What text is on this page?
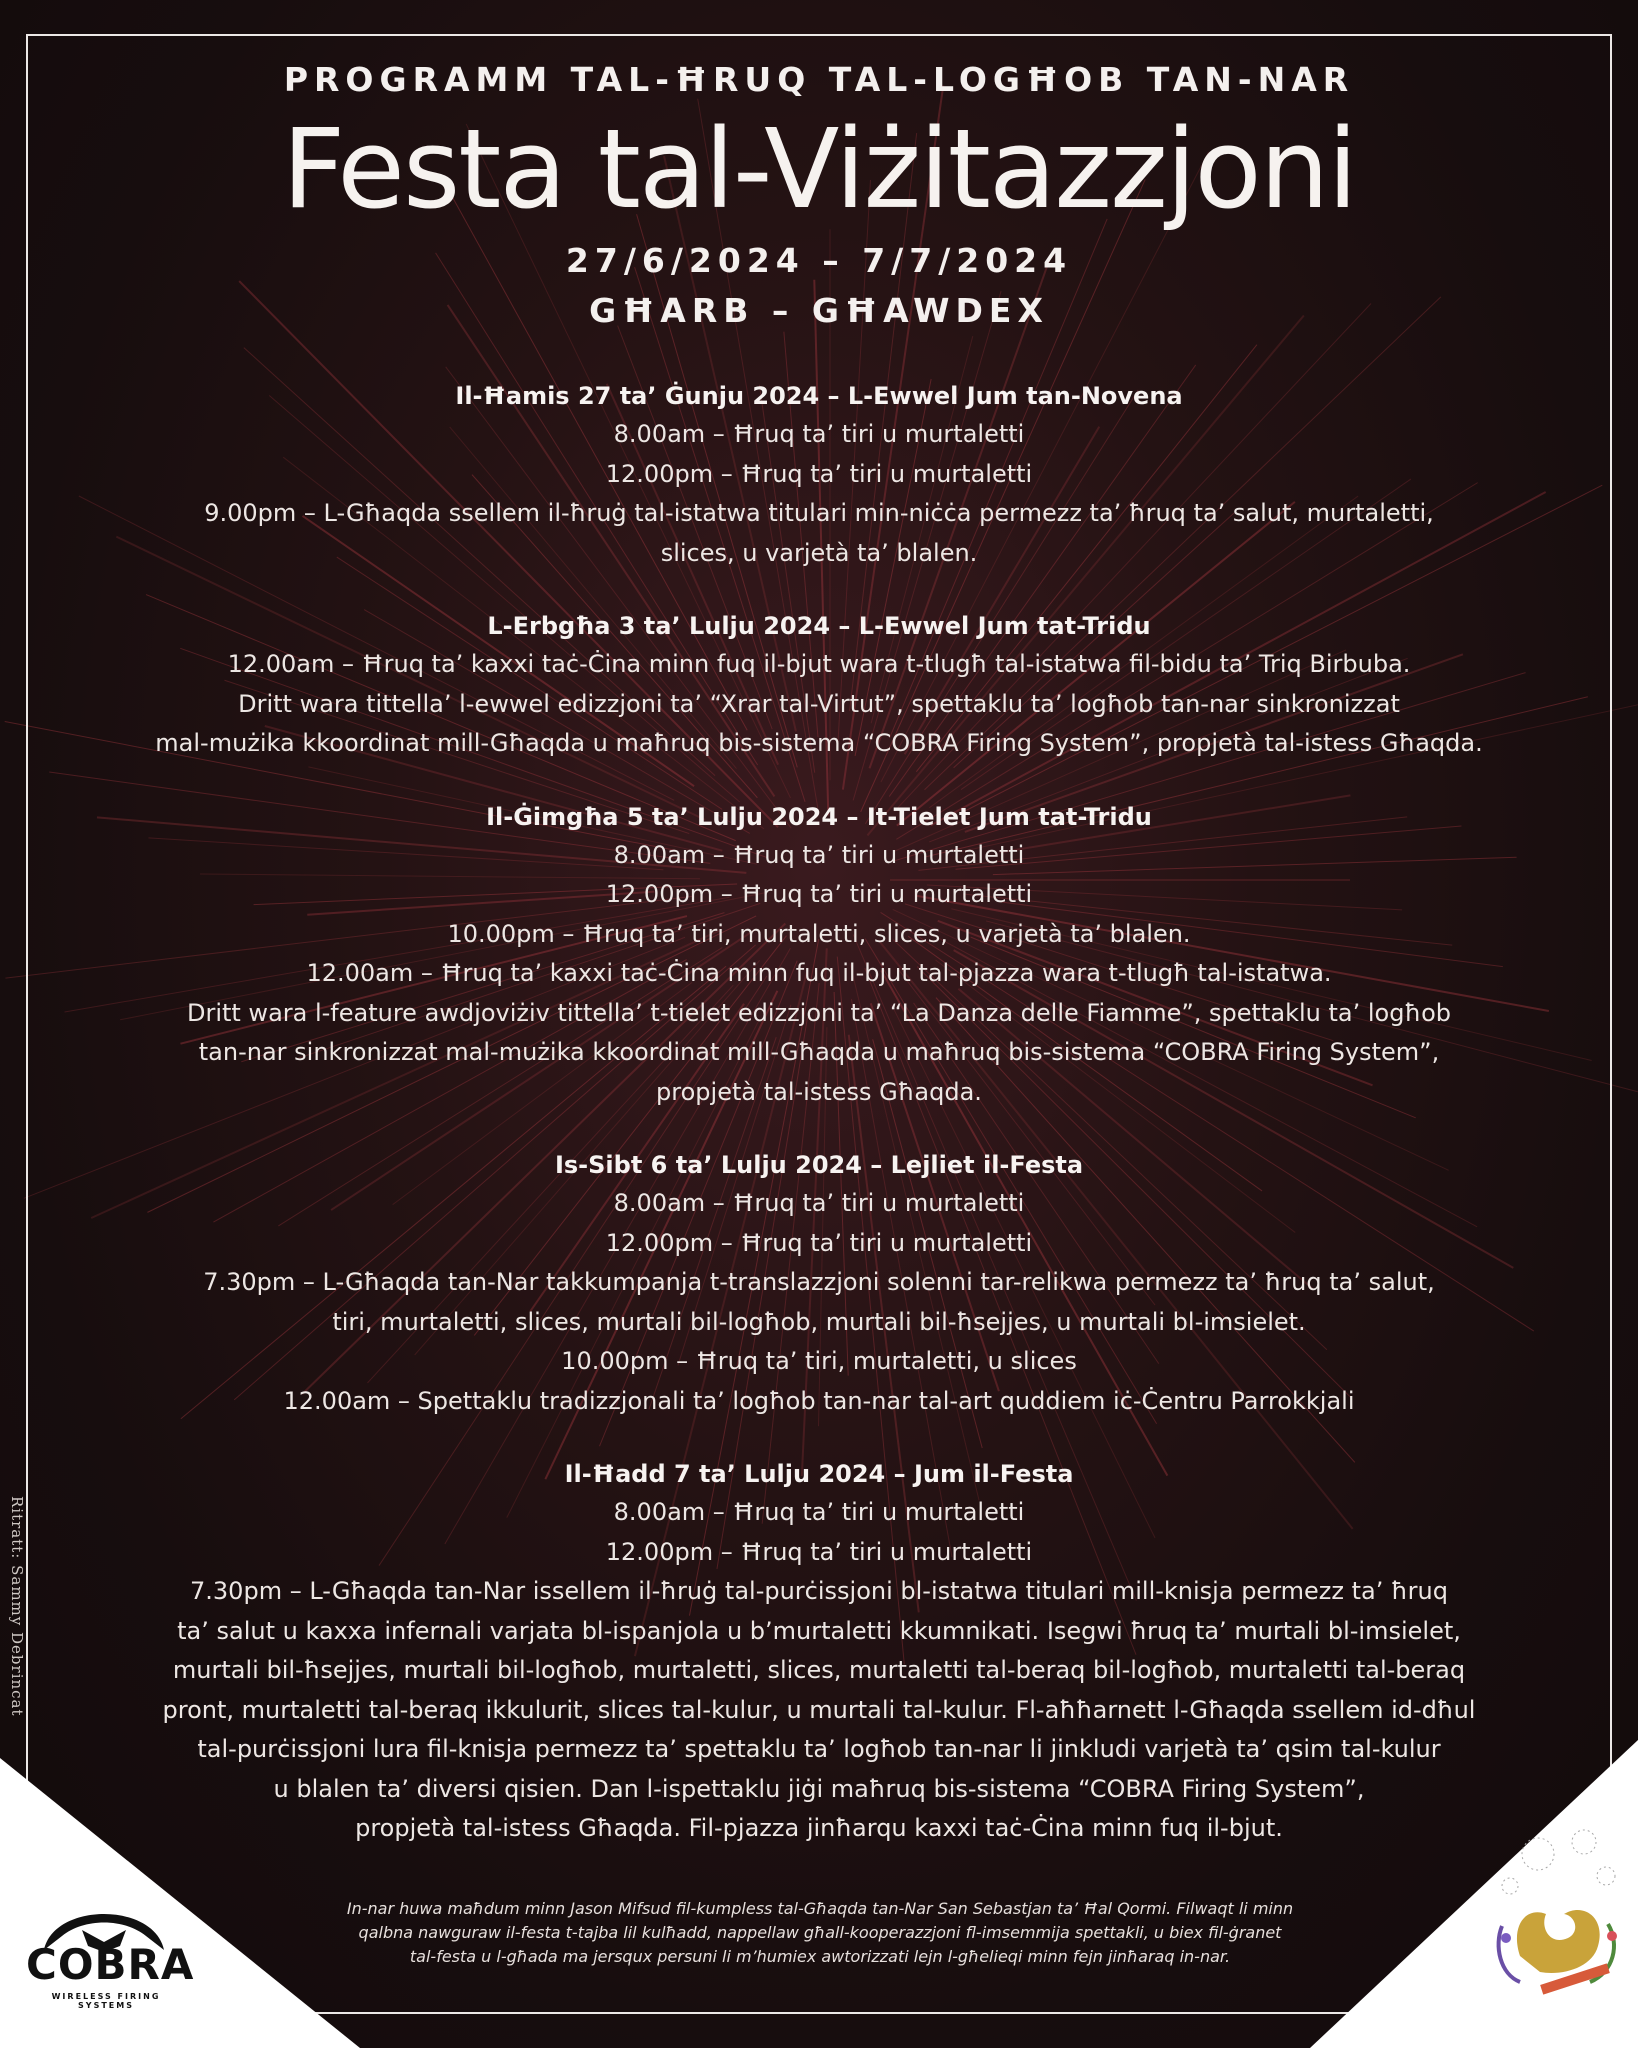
PROGRAMM TAL-ĦRUQ TAL-LOGĦOB TAN-NAR
Festa tal-Viżitazzjoni
27/6/2024 – 7/7/2024
GĦARB – GĦAWDEX
Il-Ħamis 27 ta’ Ġunju 2024 – L-Ewwel Jum tan-Novena
8.00am – Ħruq ta’ tiri u murtaletti
12.00pm – Ħruq ta’ tiri u murtaletti
9.00pm – L-Għaqda ssellem il-ħruġ tal-istatwa titulari min-niċċa permezz ta’ ħruq ta’ salut, murtaletti,
slices, u varjetà ta’ blalen.
L-Erbgħa 3 ta’ Lulju 2024 – L-Ewwel Jum tat-Tridu
12.00am – Ħruq ta’ kaxxi taċ-Ċina minn fuq il-bjut wara t-tlugħ tal-istatwa fil-bidu ta’ Triq Birbuba.
Dritt wara tittella’ l-ewwel edizzjoni ta’ “Xrar tal-Virtut”, spettaklu ta’ logħob tan-nar sinkronizzat
mal-mużika kkoordinat mill-Għaqda u maħruq bis-sistema “COBRA Firing System”, propjetà tal-istess Għaqda.
Il-Ġimgħa 5 ta’ Lulju 2024 – It-Tielet Jum tat-Tridu
8.00am – Ħruq ta’ tiri u murtaletti
12.00pm – Ħruq ta’ tiri u murtaletti
10.00pm – Ħruq ta’ tiri, murtaletti, slices, u varjetà ta’ blalen.
12.00am – Ħruq ta’ kaxxi taċ-Ċina minn fuq il-bjut tal-pjazza wara t-tlugħ tal-istatwa.
Dritt wara l-feature awdjoviżiv tittella’ t-tielet edizzjoni ta’ “La Danza delle Fiamme”, spettaklu ta’ logħob
tan-nar sinkronizzat mal-mużika kkoordinat mill-Għaqda u maħruq bis-sistema “COBRA Firing System”,
propjetà tal-istess Għaqda.
Is-Sibt 6 ta’ Lulju 2024 – Lejliet il-Festa
8.00am – Ħruq ta’ tiri u murtaletti
12.00pm – Ħruq ta’ tiri u murtaletti
7.30pm – L-Għaqda tan-Nar takkumpanja t-translazzjoni solenni tar-relikwa permezz ta’ ħruq ta’ salut,
tiri, murtaletti, slices, murtali bil-logħob, murtali bil-ħsejjes, u murtali bl-imsielet.
10.00pm – Ħruq ta’ tiri, murtaletti, u slices
12.00am – Spettaklu tradizzjonali ta’ logħob tan-nar tal-art quddiem iċ-Ċentru Parrokkjali
Il-Ħadd 7 ta’ Lulju 2024 – Jum il-Festa
8.00am – Ħruq ta’ tiri u murtaletti
12.00pm – Ħruq ta’ tiri u murtaletti
7.30pm – L-Għaqda tan-Nar issellem il-ħruġ tal-purċissjoni bl-istatwa titulari mill-knisja permezz ta’ ħruq
ta’ salut u kaxxa infernali varjata bl-ispanjola u b’murtaletti kkumnikati. Isegwi ħruq ta’ murtali bl-imsielet,
murtali bil-ħsejjes, murtali bil-logħob, murtaletti, slices, murtaletti tal-beraq bil-logħob, murtaletti tal-beraq
pront, murtaletti tal-beraq ikkulurit, slices tal-kulur, u murtali tal-kulur. Fl-aħħarnett l-Għaqda ssellem id-dħul
tal-purċissjoni lura fil-knisja permezz ta’ spettaklu ta’ logħob tan-nar li jinkludi varjetà ta’ qsim tal-kulur
u blalen ta’ diversi qisien. Dan l-ispettaklu jiġi maħruq bis-sistema “COBRA Firing System”,
propjetà tal-istess Għaqda. Fil-pjazza jinħarqu kaxxi taċ-Ċina minn fuq il-bjut.
In-nar huwa maħdum minn Jason Mifsud fil-kumpless tal-Għaqda tan-Nar San Sebastjan ta’ Ħal Qormi. Filwaqt li minn
qalbna nawguraw il-festa t-tajba lil kulħadd, nappellaw għall-kooperazzjoni fl-imsemmija spettakli, u biex fil-ġranet
tal-festa u l-għada ma jersqux persuni li m’humiex awtorizzati lejn l-għelieqi minn fejn jinħaraq in-nar.
Ritratt: Sammy Debrincat
COBRA
WIRELESS FIRING SYSTEMS
